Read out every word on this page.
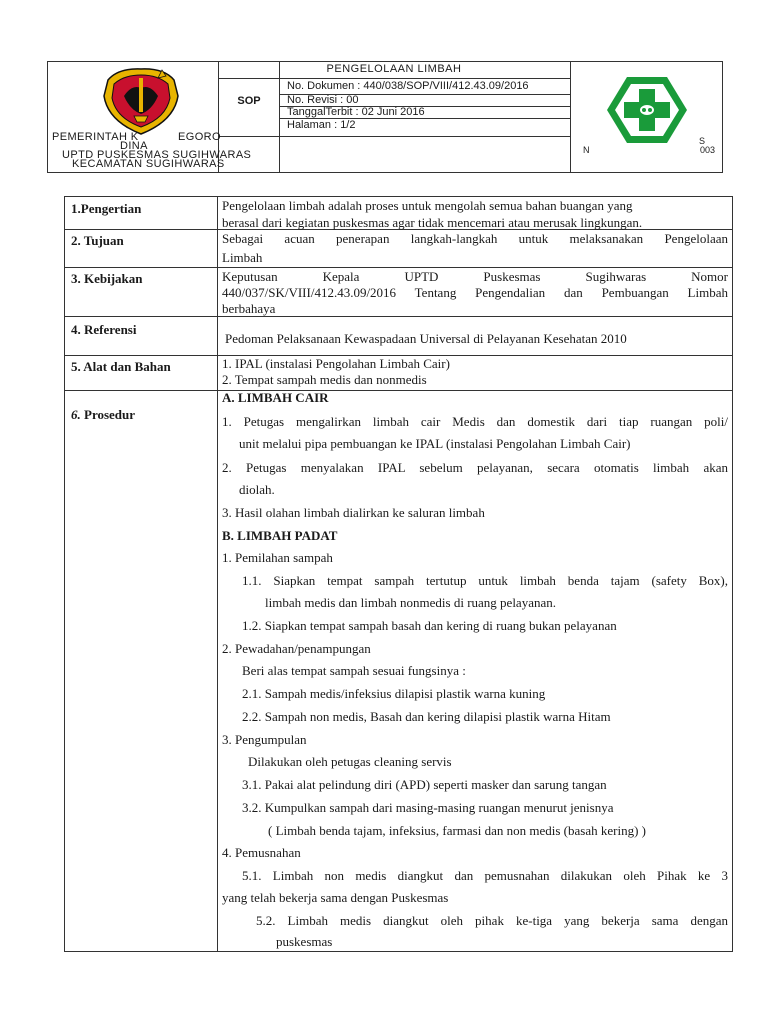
PEMERINTAH K	EGORO
DINA
UPTD PUSKESMAS SUGIHWARAS
KECAMATAN SUGIHWARAS
PENGELOLAAN LIMBAH
SOP
No. Dokumen : 440/038/SOP/VIII/412.43.09/2016
No. Revisi : 00
TanggalTerbit : 02 Juni 2016
Halaman : 1/2
S
N	003
1.Pengertian	Pengelolaan limbah adalah proses untuk mengolah semua bahan buangan yang
berasal dari kegiatan puskesmas agar tidak mencemari atau merusak lingkungan.
2. Tujuan	Sebagai acuan penerapan langkah-langkah untuk melaksanakan Pengelolaan
Limbah
3. Kebijakan	Keputusan Kepala UPTD Puskesmas Sugihwaras Nomor
440/037/SK/VIII/412.43.09/2016 Tentang Pengendalian dan Pembuangan Limbah
berbahaya
4. Referensi
Pedoman Pelaksanaan Kewaspadaan Universal di Pelayanan Kesehatan 2010
5. Alat dan Bahan	1. IPAL (instalasi Pengolahan Limbah Cair)
2. Tempat sampah medis dan nonmedis
6. Prosedur
A. LIMBAH CAIR
1. Petugas mengalirkan limbah cair Medis dan domestik dari tiap ruangan poli/
unit melalui pipa pembuangan ke IPAL (instalasi Pengolahan Limbah Cair)
2. Petugas menyalakan IPAL sebelum pelayanan, secara otomatis limbah akan
diolah.
3. Hasil olahan limbah dialirkan ke saluran limbah
B. LIMBAH PADAT
1. Pemilahan sampah
1.1. Siapkan tempat sampah tertutup untuk limbah benda tajam (safety Box),
limbah medis dan limbah nonmedis di ruang pelayanan.
1.2. Siapkan tempat sampah basah dan kering di ruang bukan pelayanan
2. Pewadahan/penampungan
Beri alas tempat sampah sesuai fungsinya :
2.1. Sampah medis/infeksius dilapisi plastik warna kuning
2.2. Sampah non medis, Basah dan kering dilapisi plastik warna Hitam
3. Pengumpulan
Dilakukan oleh petugas cleaning servis
3.1. Pakai alat pelindung diri (APD) seperti masker dan sarung tangan
3.2. Kumpulkan sampah dari masing-masing ruangan menurut jenisnya
( Limbah benda tajam, infeksius, farmasi dan non medis (basah kering) )
4. Pemusnahan
5.1. Limbah non medis diangkut dan pemusnahan dilakukan oleh Pihak ke 3
yang telah bekerja sama dengan Puskesmas
5.2. Limbah medis diangkut oleh pihak ke-tiga yang bekerja sama dengan
puskesmas
